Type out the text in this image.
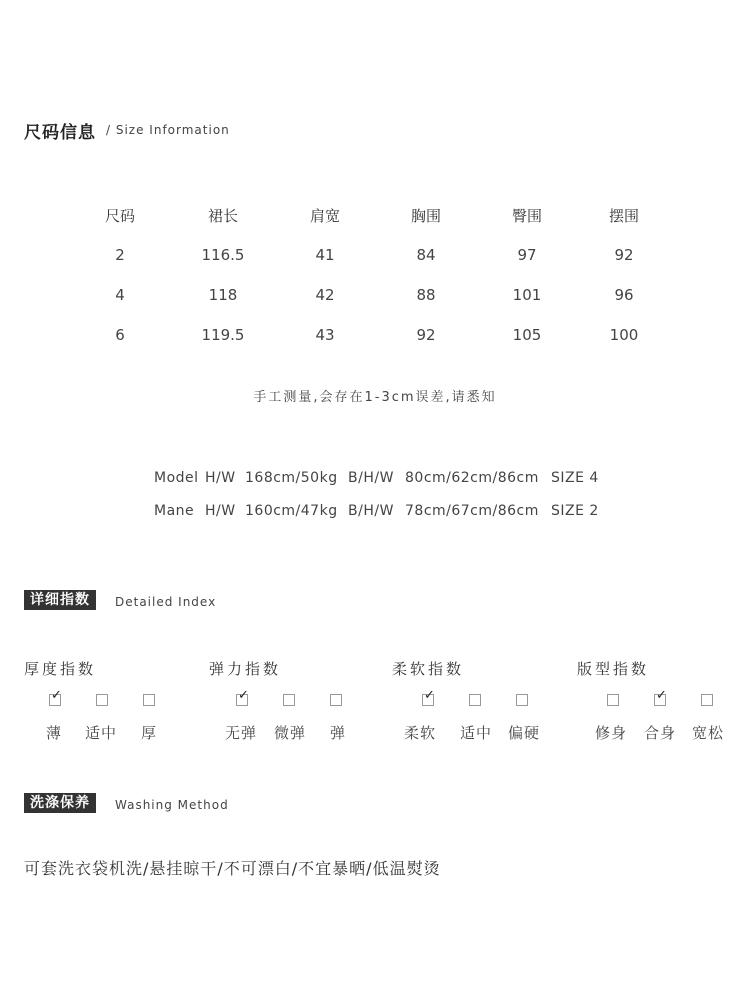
尺码信息 / Size Information
尺码	裙长	肩宽	胸围	臀围	摆围
2	116.5	41	84	97	92
4	118	42	88	101	96
6	119.5	43	92	105	100
手工测量,会存在1-3cm误差,请悉知
Model H/W 168cm/50kg B/H/W 80cm/62cm/86cm SIZE 4
Mane H/W 160cm/47kg B/H/W 78cm/67cm/86cm SIZE 2
详细指数	Detailed Index
厚度指数
✓
薄 适中 厚
弹力指数
✓
无弹 微弹 弹
柔软指数
✓
柔软 适中 偏硬
版型指数
✓
修身 合身 宽松
洗涤保养	Washing Method
可套洗衣袋机洗/悬挂晾干/不可漂白/不宜暴晒/低温熨烫
